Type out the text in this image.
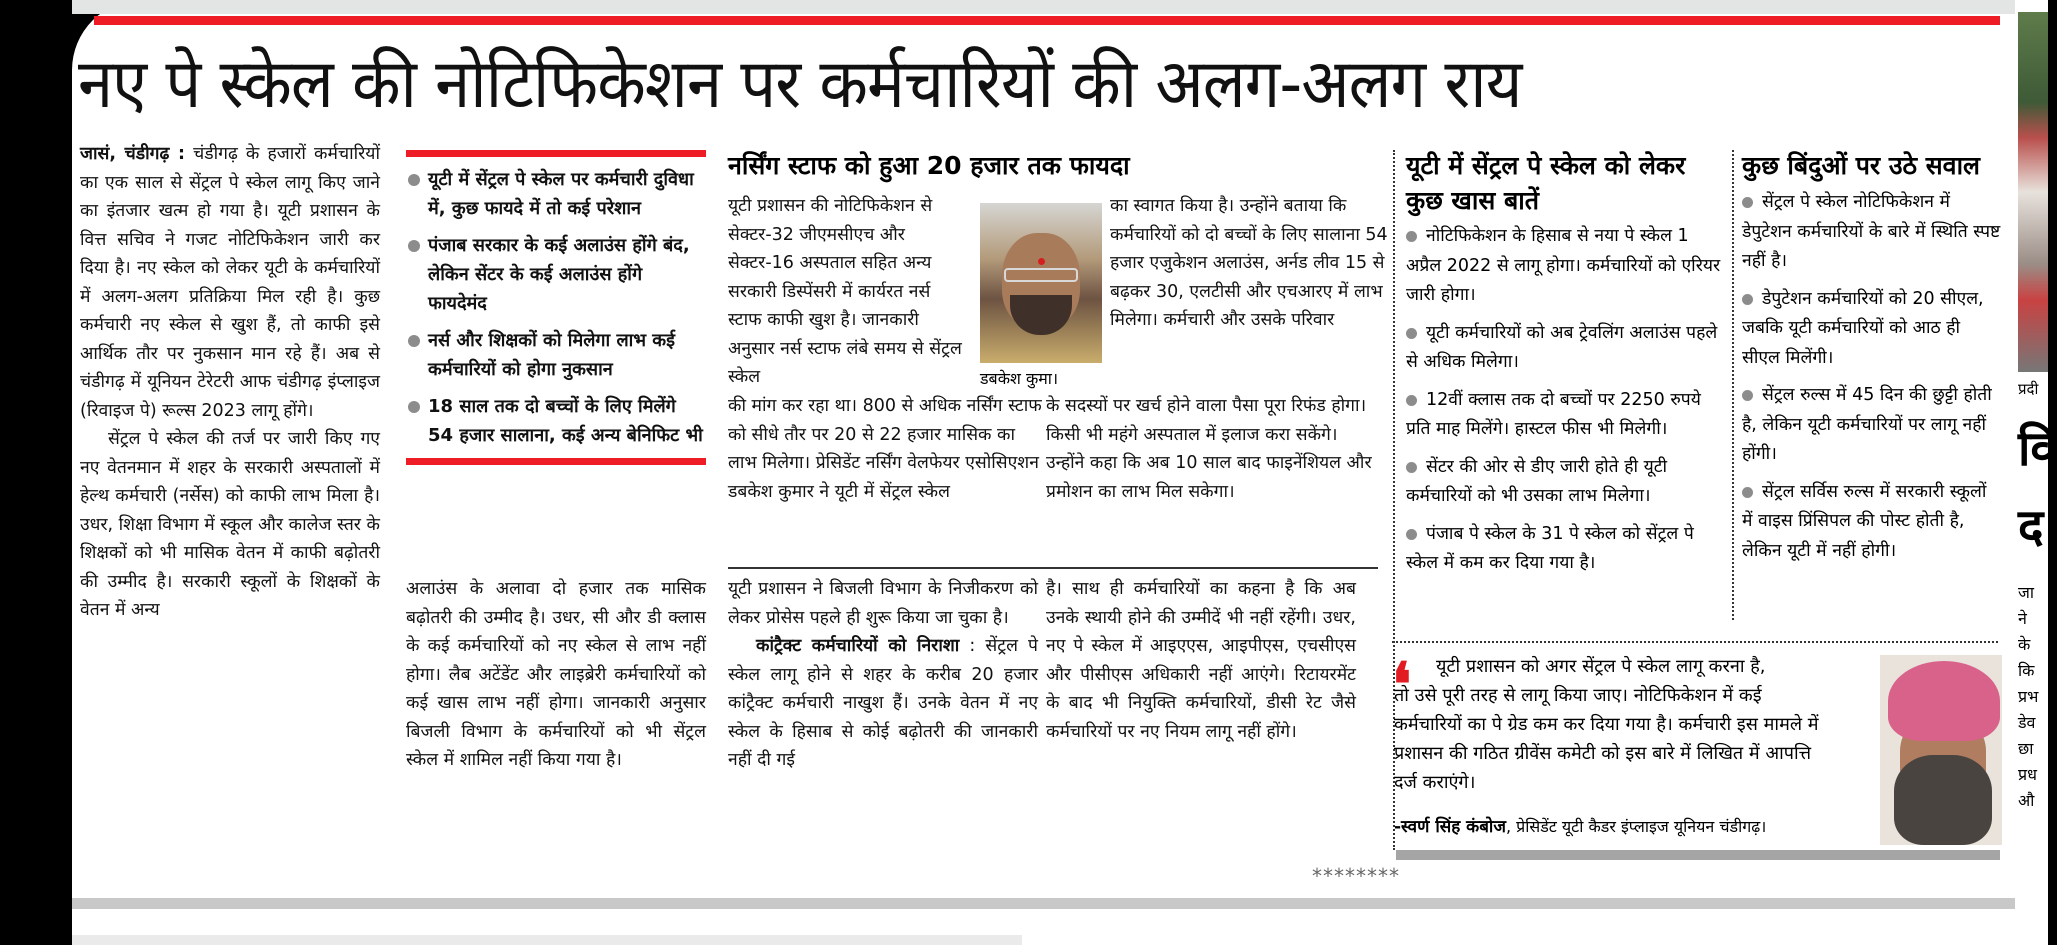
नए पे स्केल की नोटिफिकेशन पर कर्मचारियों की अलग-अलग राय

जासं, चंडीगढ़ : चंडीगढ़ के हजारों कर्मचारियों का एक साल से सेंट्रल पे स्केल लागू किए जाने का इंतजार खत्म हो गया है। यूटी प्रशासन के वित्त सचिव ने गजट नोटिफिकेशन जारी कर दिया है। नए स्केल को लेकर यूटी के कर्मचारियों में अलग-अलग प्रतिक्रिया मिल रही है। कुछ कर्मचारी नए स्केल से खुश हैं, तो काफी इसे आर्थिक तौर पर नुकसान मान रहे हैं। अब से चंडीगढ़ में यूनियन टेरेटरी आफ चंडीगढ़ इंप्लाइज (रिवाइज पे) रूल्स 2023 लागू होंगे।

सेंट्रल पे स्केल की तर्ज पर जारी किए गए नए वेतनमान में शहर के सरकारी अस्पतालों में हेल्थ कर्मचारी (नर्सेस) को काफी लाभ मिला है। उधर, शिक्षा विभाग में स्कूल और कालेज स्तर के शिक्षकों को भी मासिक वेतन में काफी बढ़ोतरी की उम्मीद है। सरकारी स्कूलों के शिक्षकों के वेतन में अन्य

यूटी में सेंट्रल पे स्केल पर कर्मचारी दुविधा में, कुछ फायदे में तो कई परेशान
पंजाब सरकार के कई अलाउंस होंगे बंद, लेकिन सेंटर के कई अलाउंस होंगे फायदेमंद
नर्स और शिक्षकों को मिलेगा लाभ कई कर्मचारियों को होगा नुकसान
18 साल तक दो बच्चों के लिए मिलेंगे 54 हजार सालाना, कई अन्य बेनिफिट भी

अलाउंस के अलावा दो हजार तक मासिक बढ़ोतरी की उम्मीद है। उधर, सी और डी क्लास के कई कर्मचारियों को नए स्केल से लाभ नहीं होगा। लैब अटेंडेंट और लाइब्रेरी कर्मचारियों को कई खास लाभ नहीं होगा। जानकारी अनुसार बिजली विभाग के कर्मचारियों को भी सेंट्रल स्केल में शामिल नहीं किया गया है।

नर्सिंग स्टाफ को हुआ 20 हजार तक फायदा
यूटी प्रशासन की नोटिफिकेशन से सेक्टर-32 जीएमसीएच और सेक्टर-16 अस्पताल सहित अन्य सरकारी डिस्पेंसरी में कार्यरत नर्स स्टाफ काफी खुश है। जानकारी अनुसार नर्स स्टाफ लंबे समय से सेंट्रल स्केल	डबकेश कुमा।
का स्वागत किया है। उन्होंने बताया कि कर्मचारियों को दो बच्चों के लिए सालाना 54 हजार एजुकेशन अलाउंस, अर्नड लीव 15 से बढ़कर 30, एलटीसी और एचआरए में लाभ मिलेगा। कर्मचारी और उसके परिवार
की मांग कर रहा था। 800 से अधिक नर्सिंग स्टाफ को सीधे तौर पर 20 से 22 हजार मासिक का लाभ मिलेगा। प्रेसिडेंट नर्सिंग वेलफेयर एसोसिएशन डबकेश कुमार ने यूटी में सेंट्रल स्केल
के सदस्यों पर खर्च होने वाला पैसा पूरा रिफंड होगा। किसी भी महंगे अस्पताल में इलाज करा सकेंगे। उन्होंने कहा कि अब 10 साल बाद फाइनेंशियल और प्रमोशन का लाभ मिल सकेगा।

यूटी प्रशासन ने बिजली विभाग के निजीकरण को लेकर प्रोसेस पहले ही शुरू किया जा चुका है।

कांट्रैक्ट कर्मचारियों को निराशा : सेंट्रल पे स्केल लागू होने से शहर के करीब 20 हजार कांट्रैक्ट कर्मचारी नाखुश हैं। उनके वेतन में नए स्केल के हिसाब से कोई बढ़ोतरी की जानकारी नहीं दी गई

है। साथ ही कर्मचारियों का कहना है कि अब उनके स्थायी होने की उम्मीदें भी नहीं रहेंगी। उधर, नए पे स्केल में आइएएस, आइपीएस, एचसीएस और पीसीएस अधिकारी नहीं आएंगे। रिटायरमेंट के बाद भी नियुक्ति कर्मचारियों, डीसी रेट जैसे कर्मचारियों पर नए नियम लागू नहीं होंगे।

यूटी में सेंट्रल पे स्केल को लेकर कुछ खास बातें
नोटिफिकेशन के हिसाब से नया पे स्केल 1 अप्रैल 2022 से लागू होगा। कर्मचारियों को एरियर जारी होगा।
यूटी कर्मचारियों को अब ट्रेवलिंग अलाउंस पहले से अधिक मिलेगा।
12वीं क्लास तक दो बच्चों पर 2250 रुपये प्रति माह मिलेंगे। हास्टल फीस भी मिलेगी।
सेंटर की ओर से डीए जारी होते ही यूटी कर्मचारियों को भी उसका लाभ मिलेगा।
पंजाब पे स्केल के 31 पे स्केल को सेंट्रल पे स्केल में कम कर दिया गया है।
कुछ बिंदुओं पर उठे सवाल
सेंट्रल पे स्केल नोटिफिकेशन में डेपुटेशन कर्मचारियों के बारे में स्थिति स्पष्ट नहीं है।
डेपुटेशन कर्मचारियों को 20 सीएल, जबकि यूटी कर्मचारियों को आठ ही सीएल मिलेंगी।
सेंट्रल रुल्स में 45 दिन की छुट्टी होती है, लेकिन यूटी कर्मचारियों पर लागू नहीं होंगी।
सेंट्रल सर्विस रुल्स में सरकारी स्कूलों में वाइस प्रिंसिपल की पोस्ट होती है, लेकिन यूटी में नहीं होगी।
❛	यूटी प्रशासन को अगर सेंट्रल पे स्केल लागू करना है,
तो उसे पूरी तरह से लागू किया जाए। नोटिफिकेशन में कई कर्मचारियों का पे ग्रेड कम कर दिया गया है। कर्मचारी इस मामले में प्रशासन की गठित ग्रीवेंस कमेटी को इस बारे में लिखित में आपत्ति दर्ज कराएंगे।
-स्वर्ण सिंह कंबोज, प्रेसिडेंट यूटी कैडर इंप्लाइज यूनियन चंडीगढ़।
********
प्रदी
वि
द
जा
ने
के
कि
प्रभ
डेव
छा
प्रध
औ
